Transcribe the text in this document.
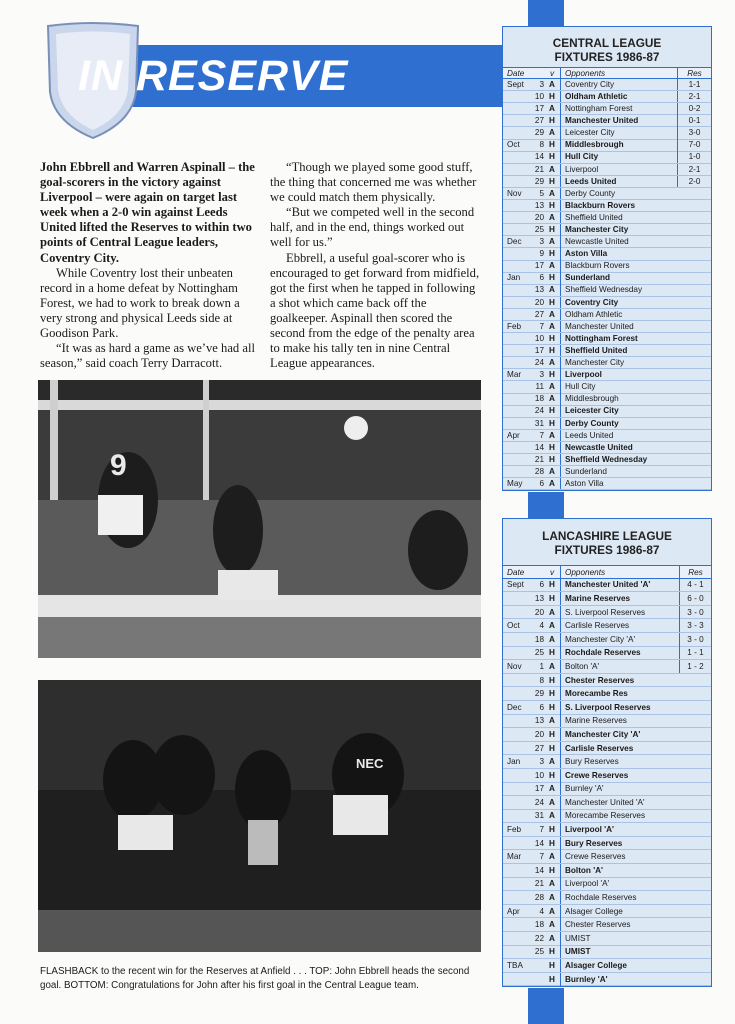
IN RESERVE

John Ebbrell and Warren Aspinall – the goal-scorers in the victory against Liverpool – were again on target last week when a 2-0 win against Leeds United lifted the Reserves to within two points of Central League leaders, Coventry City.

While Coventry lost their unbeaten record in a home defeat by Nottingham Forest, we had to work to break down a very strong and physical Leeds side at Goodison Park.

“It was as hard a game as we’ve had all season,” said coach Terry Darracott.

“Though we played some good stuff, the thing that concerned me was whether we could match them physically.

“But we competed well in the second half, and in the end, things worked out well for us.”

Ebbrell, a useful goal-scorer who is encouraged to get forward from midfield, got the first when he tapped in following a shot which came back off the goalkeeper. Aspinall then scored the second from the edge of the penalty area to make his tally ten in nine Central League appearances.

9
NEC
FLASHBACK to the recent win for the Reserves at Anfield . . . TOP: John Ebbrell heads the second goal. BOTTOM: Congratulations for John after his first goal in the Central League team.
CENTRAL LEAGUE
FIXTURES 1986-87
Date	v	Opponents	Res
Sept	3 A	Coventry City	1-1
10 H	Oldham Athletic	2-1
17 A	Nottingham Forest	0-2
27 H	Manchester United	0-1
29 A	Leicester City	3-0
Oct	8 H	Middlesbrough	7-0
14 H	Hull City	1-0
21 A	Liverpool	2-1
29 H	Leeds United	2-0
Nov	5 A	Derby County
13 H	Blackburn Rovers
20 A	Sheffield United
25 H	Manchester City
Dec	3 A	Newcastle United
9 H	Aston Villa
17 A	Blackburn Rovers
Jan	6 H	Sunderland
13 A	Sheffield Wednesday
20 H	Coventry City
27 A	Oldham Athletic
Feb	7 A	Manchester United
10 H	Nottingham Forest
17 H	Sheffield United
24 A	Manchester City
Mar	3 H	Liverpool
11 A	Hull City
18 A	Middlesbrough
24 H	Leicester City
31 H	Derby County
Apr	7 A	Leeds United
14 H	Newcastle United
21 H	Sheffield Wednesday
28 A	Sunderland
May	6 A	Aston Villa
LANCASHIRE LEAGUE
FIXTURES 1986-87
Date	v	Opponents	Res
Sept	6 H	Manchester United 'A'	4 - 1
13 H	Marine Reserves	6 - 0
20 A	S. Liverpool Reserves	3 - 0
Oct	4 A	Carlisle Reserves	3 - 3
18 A	Manchester City 'A'	3 - 0
25 H	Rochdale Reserves	1 - 1
Nov	1 A	Bolton 'A'	1 - 2
8 H	Chester Reserves
29 H	Morecambe Res
Dec	6 H	S. Liverpool Reserves
13 A	Marine Reserves
20 H	Manchester City 'A'
27 H	Carlisle Reserves
Jan	3 A	Bury Reserves
10 H	Crewe Reserves
17 A	Burnley 'A'
24 A	Manchester United 'A'
31 A	Morecambe Reserves
Feb	7 H	Liverpool 'A'
14 H	Bury Reserves
Mar	7 A	Crewe Reserves
14 H	Bolton 'A'
21 A	Liverpool 'A'
28 A	Rochdale Reserves
Apr	4 A	Alsager College
18 A	Chester Reserves
22 A	UMIST
25 H	UMIST
TBA	H	Alsager College
H	Burnley 'A'
